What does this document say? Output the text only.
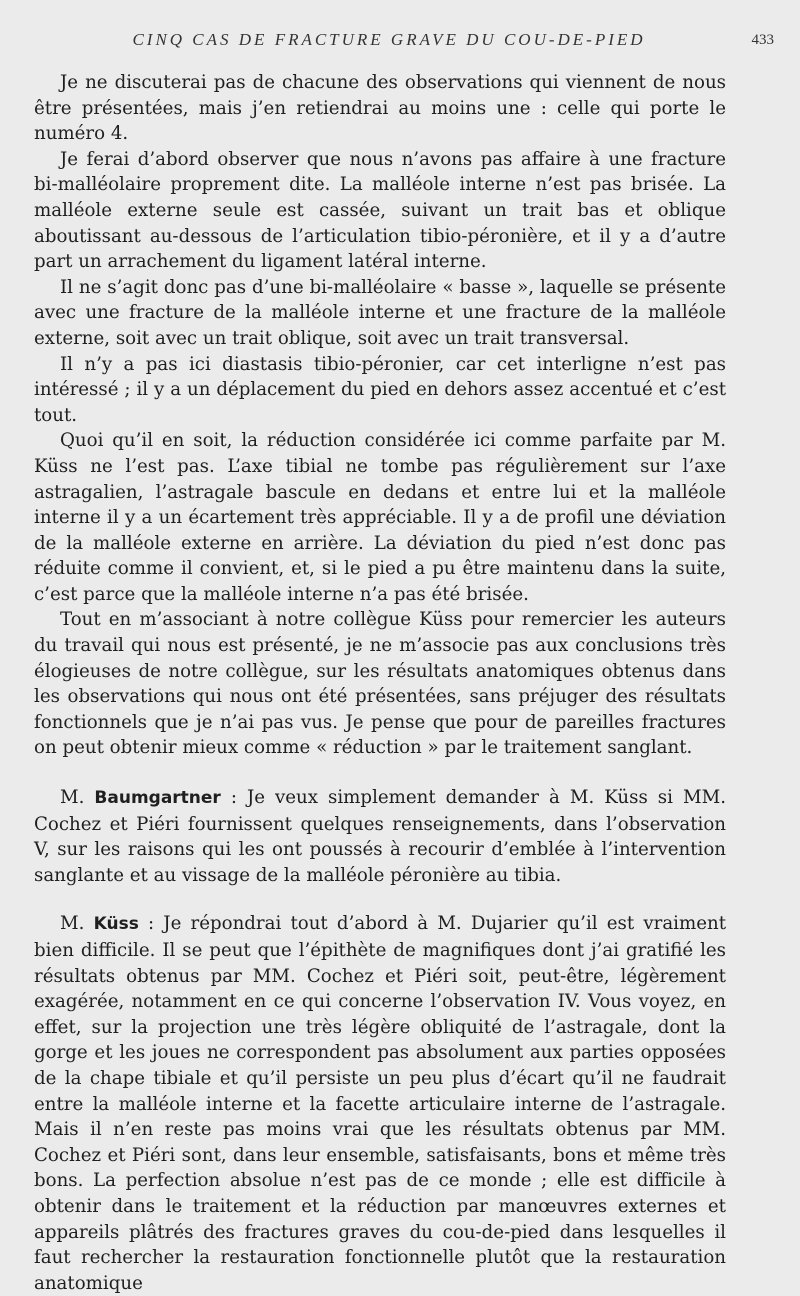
CINQ CAS DE FRACTURE GRAVE DU COU-DE-PIED	433

Je ne discuterai pas de chacune des observations qui viennent de nous être présentées, mais j’en retiendrai au moins une : celle qui porte le numéro 4.

Je ferai d’abord observer que nous n’avons pas affaire à une fracture bi-malléolaire proprement dite. La malléole interne n’est pas brisée. La malléole externe seule est cassée, suivant un trait bas et oblique aboutissant au-dessous de l’articulation tibio-péronière, et il y a d’autre part un arrachement du ligament latéral interne.

Il ne s’agit donc pas d’une bi-malléolaire « basse », laquelle se présente avec une fracture de la malléole interne et une fracture de la malléole externe, soit avec un trait oblique, soit avec un trait transversal.

Il n’y a pas ici diastasis tibio-péronier, car cet interligne n’est pas intéressé ; il y a un déplacement du pied en dehors assez accentué et c’est tout.

Quoi qu’il en soit, la réduction considérée ici comme parfaite par M. Küss ne l’est pas. L’axe tibial ne tombe pas régulièrement sur l’axe astragalien, l’astragale bascule en dedans et entre lui et la malléole interne il y a un écartement très appréciable. Il y a de profil une déviation de la malléole externe en arrière. La déviation du pied n’est donc pas réduite comme il convient, et, si le pied a pu être maintenu dans la suite, c’est parce que la malléole interne n’a pas été brisée.

Tout en m’associant à notre collègue Küss pour remercier les auteurs du travail qui nous est présenté, je ne m’associe pas aux conclusions très élogieuses de notre collègue, sur les résultats anatomiques obtenus dans les observations qui nous ont été présentées, sans préjuger des résultats fonctionnels que je n’ai pas vus. Je pense que pour de pareilles fractures on peut obtenir mieux comme « réduction » par le traitement sanglant.

M. Baumgartner : Je veux simplement demander à M. Küss si MM. Cochez et Piéri fournissent quelques renseignements, dans l’observation V, sur les raisons qui les ont poussés à recourir d’emblée à l’intervention sanglante et au vissage de la malléole péronière au tibia.

M. Küss : Je répondrai tout d’abord à M. Dujarier qu’il est vraiment bien difficile. Il se peut que l’épithète de magnifiques dont j’ai gratifié les résultats obtenus par MM. Cochez et Piéri soit, peut-être, légèrement exagérée, notamment en ce qui concerne l’observation IV. Vous voyez, en effet, sur la projection une très légère obliquité de l’astragale, dont la gorge et les joues ne correspondent pas absolument aux parties opposées de la chape tibiale et qu’il persiste un peu plus d’écart qu’il ne faudrait entre la malléole interne et la facette articulaire interne de l’astragale. Mais il n’en reste pas moins vrai que les résultats obtenus par MM. Cochez et Piéri sont, dans leur ensemble, satisfaisants, bons et même très bons. La perfection absolue n’est pas de ce monde ; elle est difficile à obtenir dans le traitement et la réduction par manœuvres externes et appareils plâtrés des fractures graves du cou-de-pied dans lesquelles il faut rechercher la restauration fonctionnelle plutôt que la restauration anatomique
